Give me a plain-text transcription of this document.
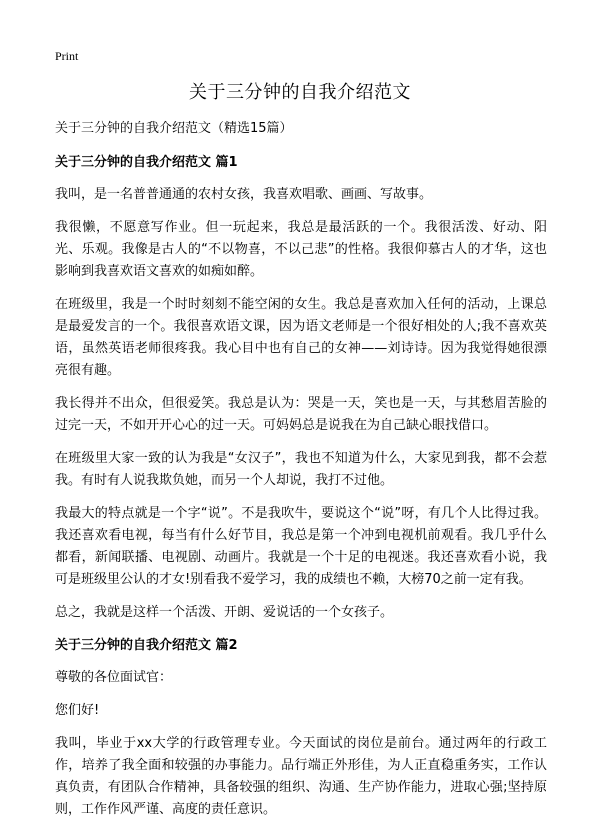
Print
关于三分钟的自我介绍范文

关于三分钟的自我介绍范文（精选15篇）

关于三分钟的自我介绍范文 篇1

我叫，是一名普普通通的农村女孩，我喜欢唱歌、画画、写故事。

我很懒，不愿意写作业。但一玩起来，我总是最活跃的一个。我很活泼、好动、阳光、乐观。我像是古人的“不以物喜，不以己悲”的性格。我很仰慕古人的才华，这也影响到我喜欢语文喜欢的如痴如醉。

在班级里，我是一个时时刻刻不能空闲的女生。我总是喜欢加入任何的活动，上课总是最爱发言的一个。我很喜欢语文课，因为语文老师是一个很好相处的人;我不喜欢英语，虽然英语老师很疼我。我心目中也有自己的女神——刘诗诗。因为我觉得她很漂亮很有趣。

我长得并不出众，但很爱笑。我总是认为：哭是一天，笑也是一天，与其愁眉苦脸的过完一天，不如开开心心的过一天。可妈妈总是说我在为自己缺心眼找借口。

在班级里大家一致的认为我是“女汉子”，我也不知道为什么，大家见到我，都不会惹我。有时有人说我欺负她，而另一个人却说，我打不过他。

我最大的特点就是一个字“说”。不是我吹牛，要说这个“说”呀，有几个人比得过我。我还喜欢看电视，每当有什么好节目，我总是第一个冲到电视机前观看。我几乎什么都看，新闻联播、电视剧、动画片。我就是一个十足的电视迷。我还喜欢看小说，我可是班级里公认的才女!别看我不爱学习，我的成绩也不赖，大榜70之前一定有我。

总之，我就是这样一个活泼、开朗、爱说话的一个女孩子。

关于三分钟的自我介绍范文 篇2

尊敬的各位面试官：

您们好!

我叫，毕业于xx大学的行政管理专业。今天面试的岗位是前台。通过两年的行政工作，培养了我全面和较强的办事能力。品行端正外形佳，为人正直稳重务实，工作认真负责，有团队合作精神，具备较强的组织、沟通、生产协作能力，进取心强;坚持原则，工作作风严谨、高度的责任意识。
